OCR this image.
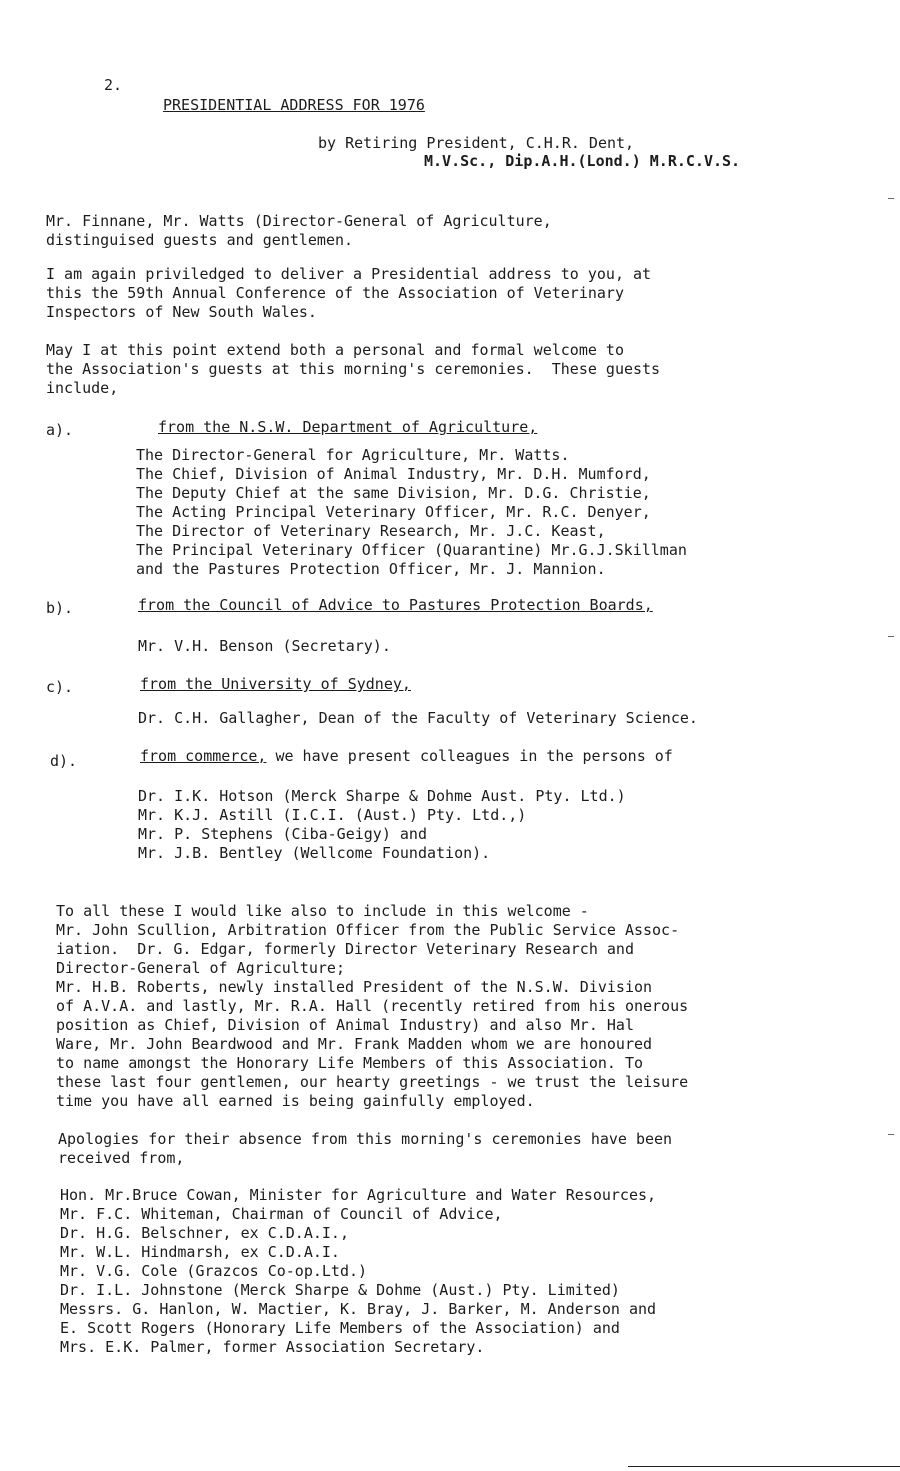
2.
PRESIDENTIAL ADDRESS FOR 1976
by Retiring President, C.H.R. Dent,
M.V.Sc., Dip.A.H.(Lond.) M.R.C.V.S.
Mr. Finnane, Mr. Watts (Director-General of Agriculture,
distinguised guests and gentlemen.
I am again priviledged to deliver a Presidential address to you, at
this the 59th Annual Conference of the Association of Veterinary
Inspectors of New South Wales.
May I at this point extend both a personal and formal welcome to
the Association's guests at this morning's ceremonies.  These guests
include,
a).	from the N.S.W. Department of Agriculture,
The Director-General for Agriculture, Mr. Watts.
The Chief, Division of Animal Industry, Mr. D.H. Mumford,
The Deputy Chief at the same Division, Mr. D.G. Christie,
The Acting Principal Veterinary Officer, Mr. R.C. Denyer,
The Director of Veterinary Research, Mr. J.C. Keast,
The Principal Veterinary Officer (Quarantine) Mr.G.J.Skillman
and the Pastures Protection Officer, Mr. J. Mannion.
b).	from the Council of Advice to Pastures Protection Boards,
Mr. V.H. Benson (Secretary).
c).	from the University of Sydney,
Dr. C.H. Gallagher, Dean of the Faculty of Veterinary Science.
d).	from commerce, we have present colleagues in the persons of
Dr. I.K. Hotson (Merck Sharpe & Dohme Aust. Pty. Ltd.)
Mr. K.J. Astill (I.C.I. (Aust.) Pty. Ltd.,)
Mr. P. Stephens (Ciba-Geigy) and
Mr. J.B. Bentley (Wellcome Foundation).
To all these I would like also to include in this welcome -
Mr. John Scullion, Arbitration Officer from the Public Service Assoc-
iation.  Dr. G. Edgar, formerly Director Veterinary Research and
Director-General of Agriculture;
Mr. H.B. Roberts, newly installed President of the N.S.W. Division
of A.V.A. and lastly, Mr. R.A. Hall (recently retired from his onerous
position as Chief, Division of Animal Industry) and also Mr. Hal
Ware, Mr. John Beardwood and Mr. Frank Madden whom we are honoured
to name amongst the Honorary Life Members of this Association. To
these last four gentlemen, our hearty greetings - we trust the leisure
time you have all earned is being gainfully employed.
Apologies for their absence from this morning's ceremonies have been
received from,
Hon. Mr.Bruce Cowan, Minister for Agriculture and Water Resources,
Mr. F.C. Whiteman, Chairman of Council of Advice,
Dr. H.G. Belschner, ex C.D.A.I.,
Mr. W.L. Hindmarsh, ex C.D.A.I.
Mr. V.G. Cole (Grazcos Co-op.Ltd.)
Dr. I.L. Johnstone (Merck Sharpe & Dohme (Aust.) Pty. Limited)
Messrs. G. Hanlon, W. Mactier, K. Bray, J. Barker, M. Anderson and
E. Scott Rogers (Honorary Life Members of the Association) and
Mrs. E.K. Palmer, former Association Secretary.
